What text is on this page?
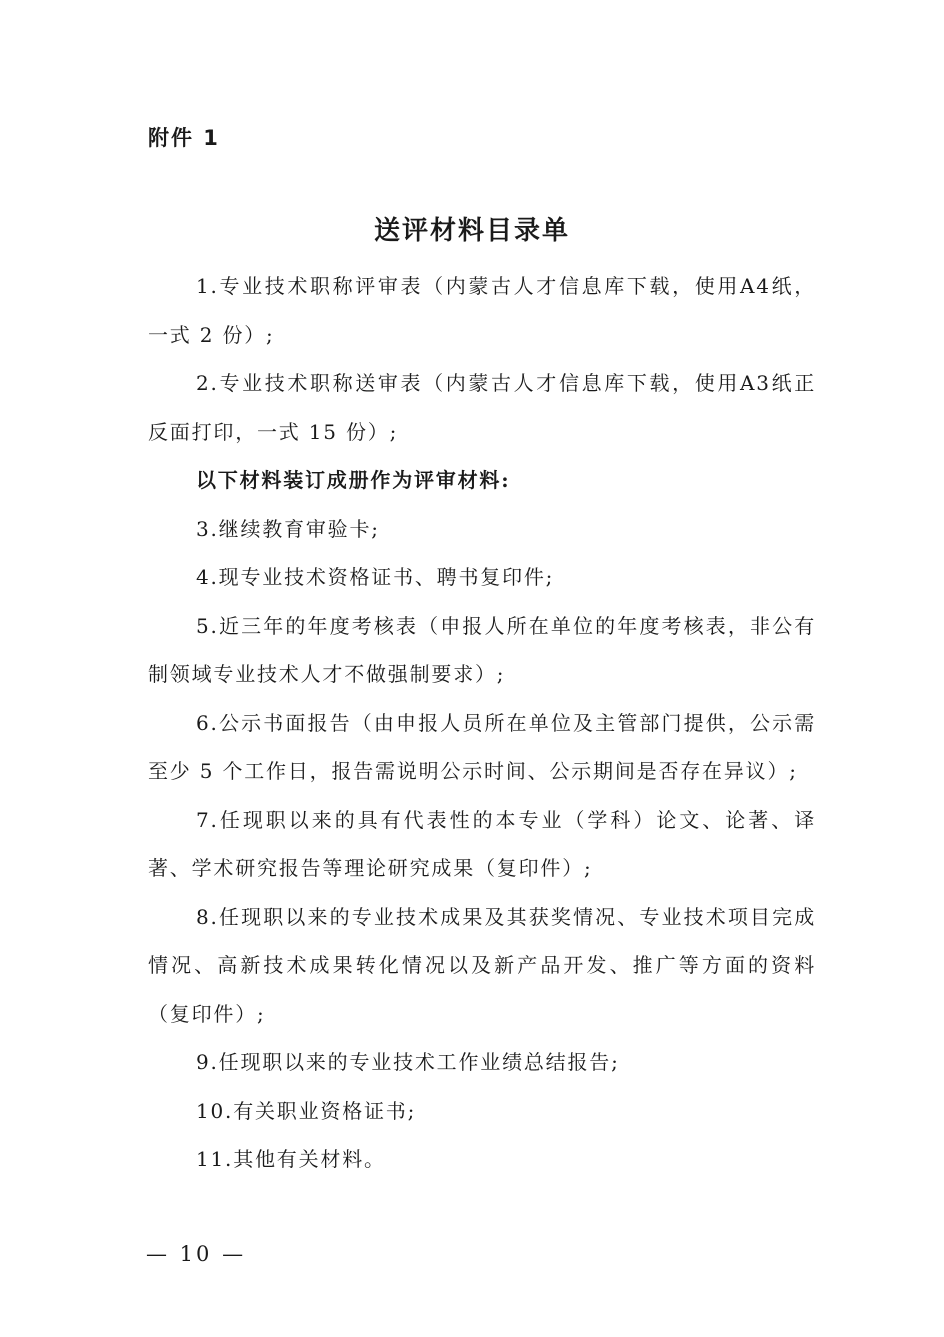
附件 1
送评材料目录单

1.专业技术职称评审表（内蒙古人才信息库下载，使用A4纸，一式 2 份）;

2.专业技术职称送审表（内蒙古人才信息库下载，使用A3纸正反面打印，一式 15 份）;

以下材料装订成册作为评审材料:

3.继续教育审验卡;

4.现专业技术资格证书、聘书复印件;

5.近三年的年度考核表（申报人所在单位的年度考核表，非公有制领域专业技术人才不做强制要求）;

6.公示书面报告（由申报人员所在单位及主管部门提供，公示需至少 5 个工作日，报告需说明公示时间、公示期间是否存在异议）;

7.任现职以来的具有代表性的本专业（学科）论文、论著、译著、学术研究报告等理论研究成果（复印件）;

8.任现职以来的专业技术成果及其获奖情况、专业技术项目完成情况、高新技术成果转化情况以及新产品开发、推广等方面的资料（复印件）;

9.任现职以来的专业技术工作业绩总结报告;

10.有关职业资格证书;

11.其他有关材料。

— 10 —
